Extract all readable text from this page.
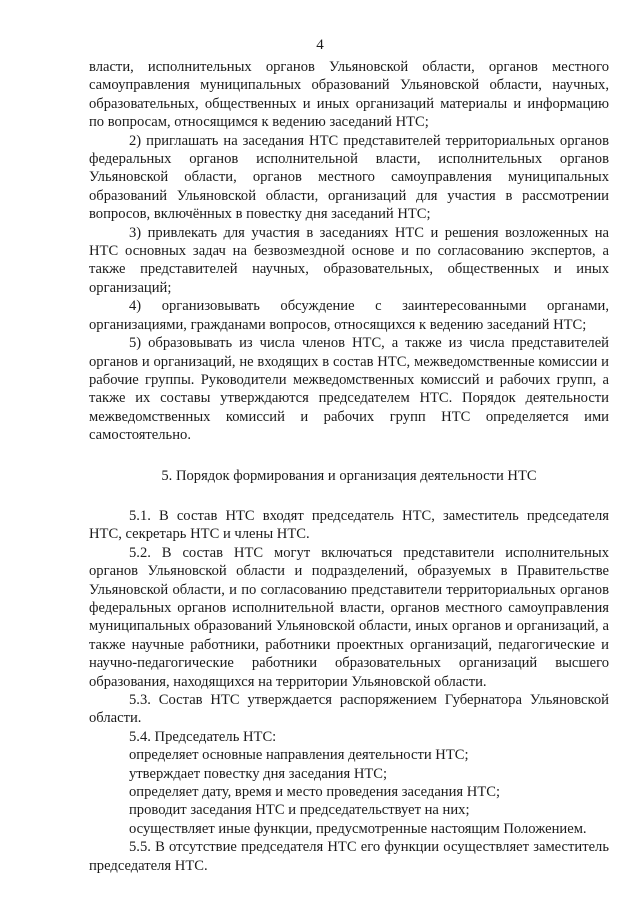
4

власти, исполнительных органов Ульяновской области, органов местного самоуправления муниципальных образований Ульяновской области, научных, образовательных, общественных и иных организаций материалы и информацию по вопросам, относящимся к ведению заседаний НТС;

2) приглашать на заседания НТС представителей территориальных органов федеральных органов исполнительной власти, исполнительных органов Ульяновской области, органов местного самоуправления муниципальных образований Ульяновской области, организаций для участия в рассмотрении вопросов, включённых в повестку дня заседаний НТС;

3) привлекать для участия в заседаниях НТС и решения возложенных на НТС основных задач на безвозмездной основе и по согласованию экспертов, а также представителей научных, образовательных, общественных и иных организаций;

4) организовывать обсуждение с заинтересованными органами, организациями, гражданами вопросов, относящихся к ведению заседаний НТС;

5) образовывать из числа членов НТС, а также из числа представителей органов и организаций, не входящих в состав НТС, межведомственные комиссии и рабочие группы. Руководители межведомственных комиссий и рабочих групп, а также их составы утверждаются председателем НТС. Порядок деятельности межведомственных комиссий и рабочих групп НТС определяется ими самостоятельно.

5. Порядок формирования и организация деятельности НТС

5.1. В состав НТС входят председатель НТС, заместитель председателя НТС, секретарь НТС и члены НТС.

5.2. В состав НТС могут включаться представители исполнительных органов Ульяновской области и подразделений, образуемых в Правительстве Ульяновской области, и по согласованию представители территориальных органов федеральных органов исполнительной власти, органов местного самоуправления муниципальных образований Ульяновской области, иных органов и организаций, а также научные работники, работники проектных организаций, педагогические и научно-педагогические работники образовательных организаций высшего образования, находящихся на территории Ульяновской области.

5.3. Состав НТС утверждается распоряжением Губернатора Ульяновской области.

5.4. Председатель НТС:

определяет основные направления деятельности НТС;

утверждает повестку дня заседания НТС;

определяет дату, время и место проведения заседания НТС;

проводит заседания НТС и председательствует на них;

осуществляет иные функции, предусмотренные настоящим Положением.

5.5. В отсутствие председателя НТС его функции осуществляет заместитель председателя НТС.
